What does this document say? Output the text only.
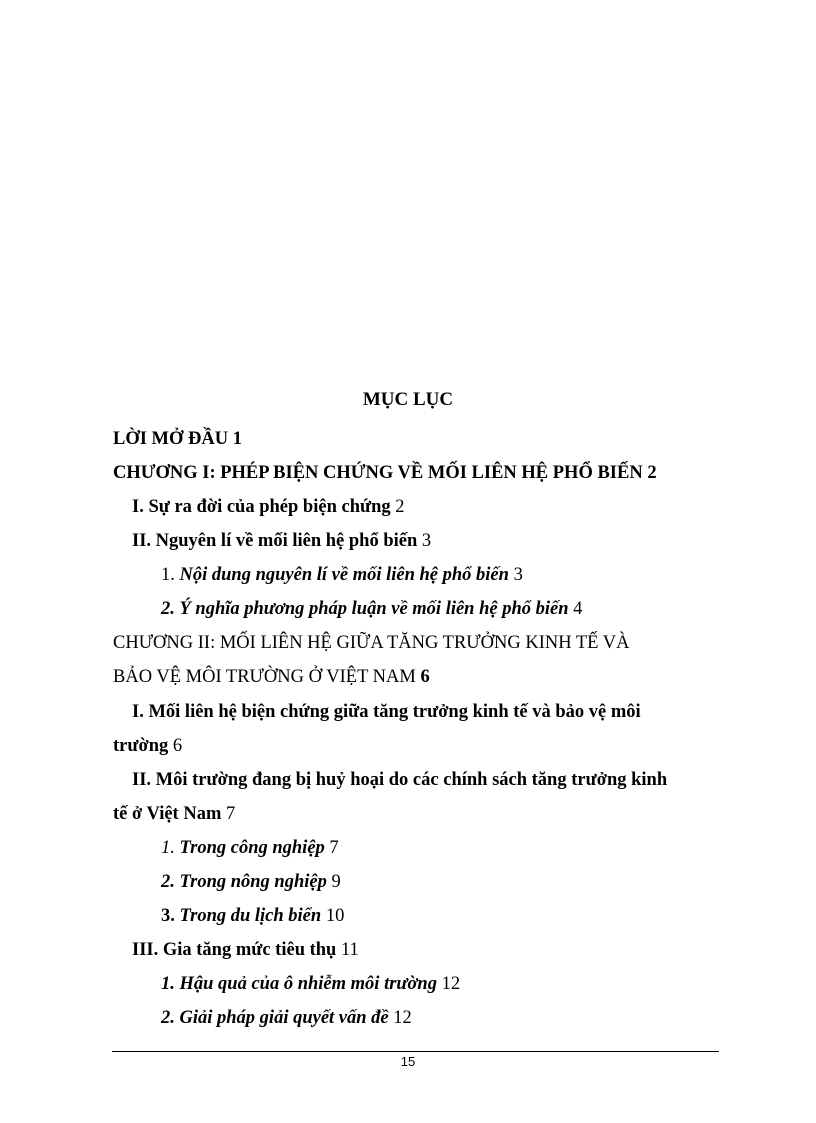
MỤC LỤC
LỜI MỞ ĐẦU 1
CHƯƠNG I: PHÉP BIỆN CHỨNG VỀ MỐI LIÊN HỆ PHỔ BIẾN 2
I. Sự ra đời của phép biện chứng 2
II. Nguyên lí về mối liên hệ phổ biến 3
1. Nội dung nguyên lí về mối liên hệ phổ biến 3
2. Ý nghĩa phương pháp luận về mối liên hệ phổ biến 4
CHƯƠNG II: MỐI LIÊN HỆ GIỮA TĂNG TRƯỞNG KINH TẾ VÀ
BẢO VỆ MÔI TRƯỜNG Ở VIỆT NAM 6
I. Mối liên hệ biện chứng giữa tăng trưởng kinh tế và bảo vệ môi
trường 6
II. Môi trường đang bị huỷ hoại do các chính sách tăng trưởng kinh
tế ở Việt Nam 7
1. Trong công nghiệp 7
2. Trong nông nghiệp 9
3. Trong du lịch biển 10
III. Gia tăng mức tiêu thụ 11
1. Hậu quả của ô nhiễm môi trường 12
2. Giải pháp giải quyết vấn đề 12
15
